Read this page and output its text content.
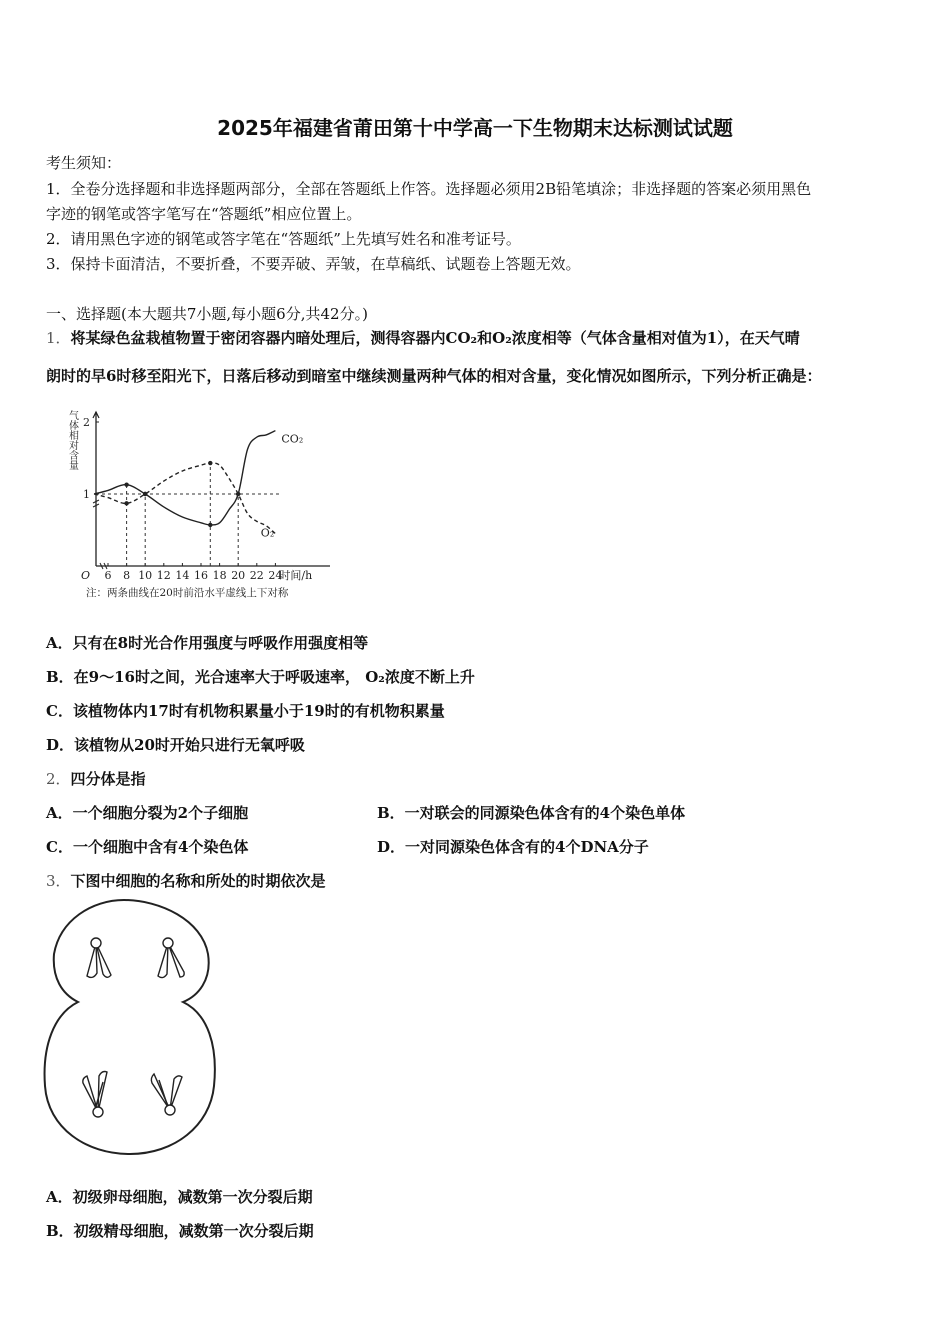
2025年福建省莆田第十中学高一下生物期末达标测试试题
考生须知：
1．全卷分选择题和非选择题两部分，全部在答题纸上作答。选择题必须用2B铅笔填涂；非选择题的答案必须用黑色
字迹的钢笔或答字笔写在“答题纸”相应位置上。
2．请用黑色字迹的钢笔或答字笔在“答题纸”上先填写姓名和准考证号。
3．保持卡面清洁，不要折叠，不要弄破、弄皱，在草稿纸、试题卷上答题无效。
一、选择题(本大题共7小题,每小题6分,共42分。)
1．将某绿色盆栽植物置于密闭容器内暗处理后，测得容器内CO₂和O₂浓度相等（气体含量相对值为1），在天气晴
朗时的早6时移至阳光下，日落后移动到暗室中继续测量两种气体的相对含量，变化情况如图所示，下列分析正确是：
6 8 10 12 14 16 18 20 22 24
1
2
O	时间/h
气体相对含量	CO₂
O₂
注：两条曲线在20时前沿水平虚线上下对称
A．只有在8时光合作用强度与呼吸作用强度相等
B．在9～16时之间，光合速率大于呼吸速率， O₂浓度不断上升
C．该植物体内17时有机物积累量小于19时的有机物积累量
D．该植物从20时开始只进行无氧呼吸
2．四分体是指
A．一个细胞分裂为2个子细胞	B．一对联会的同源染色体含有的4个染色单体
C．一个细胞中含有4个染色体	D．一对同源染色体含有的4个DNA分子
3．下图中细胞的名称和所处的时期依次是
A．初级卵母细胞，减数第一次分裂后期
B．初级精母细胞，减数第一次分裂后期
